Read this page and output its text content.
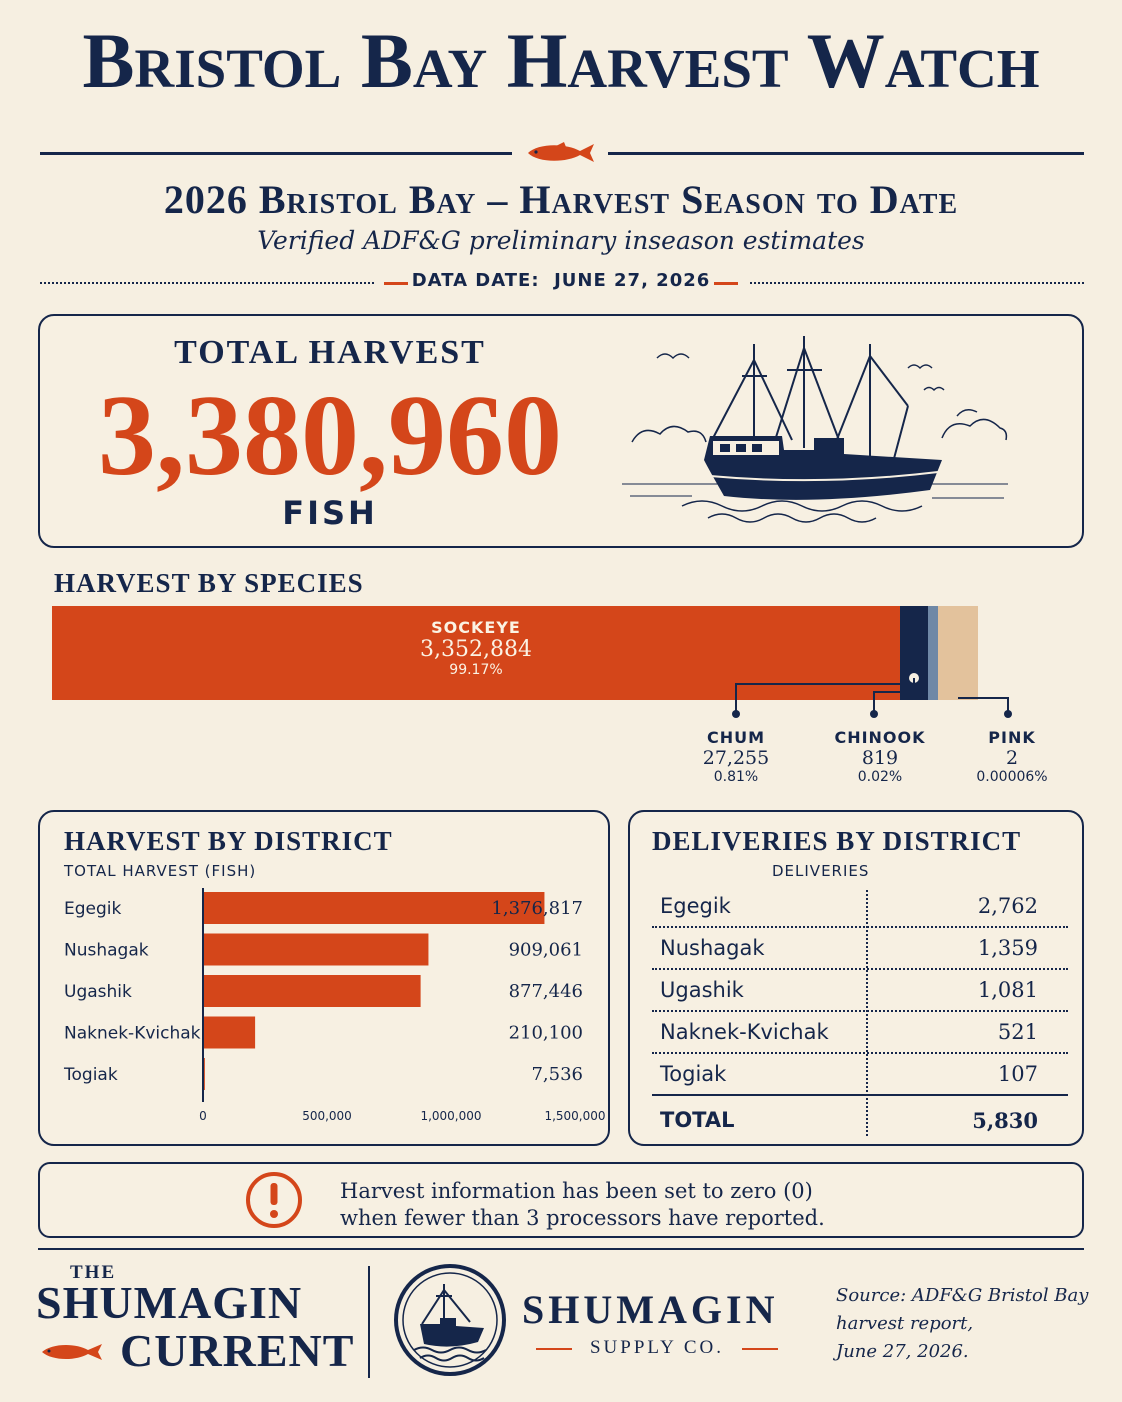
Bristol Bay Harvest Watch
2026 Bristol Bay – Harvest Season to Date
Verified ADF&G preliminary inseason estimates
DATA DATE: JUNE 27, 2026
TOTAL HARVEST
3,380,960
FISH
HARVEST BY SPECIES
SOCKEYE
3,352,884
99.17%
CHUM
27,255
0.81%
CHINOOK
819
0.02%
PINK
2
0.00006%
HARVEST BY DISTRICT
TOTAL HARVEST (FISH)
Egegik	1,376,817
Nushagak	909,061
Ugashik	877,446
Naknek-Kvichak	210,100
Togiak	7,536
0	500,000	1,000,000	1,500,000
DELIVERIES BY DISTRICT
DELIVERIES
Egegik	2,762
Nushagak	1,359
Ugashik	1,081
Naknek-Kvichak	521
Togiak	107
TOTAL	5,830
Harvest information has been set to zero (0)
when fewer than 3 processors have reported.
THE
SHUMAGIN
CURRENT
SHUMAGIN
SUPPLY CO.
Source: ADF&G Bristol Bay
harvest report,
June 27, 2026.
